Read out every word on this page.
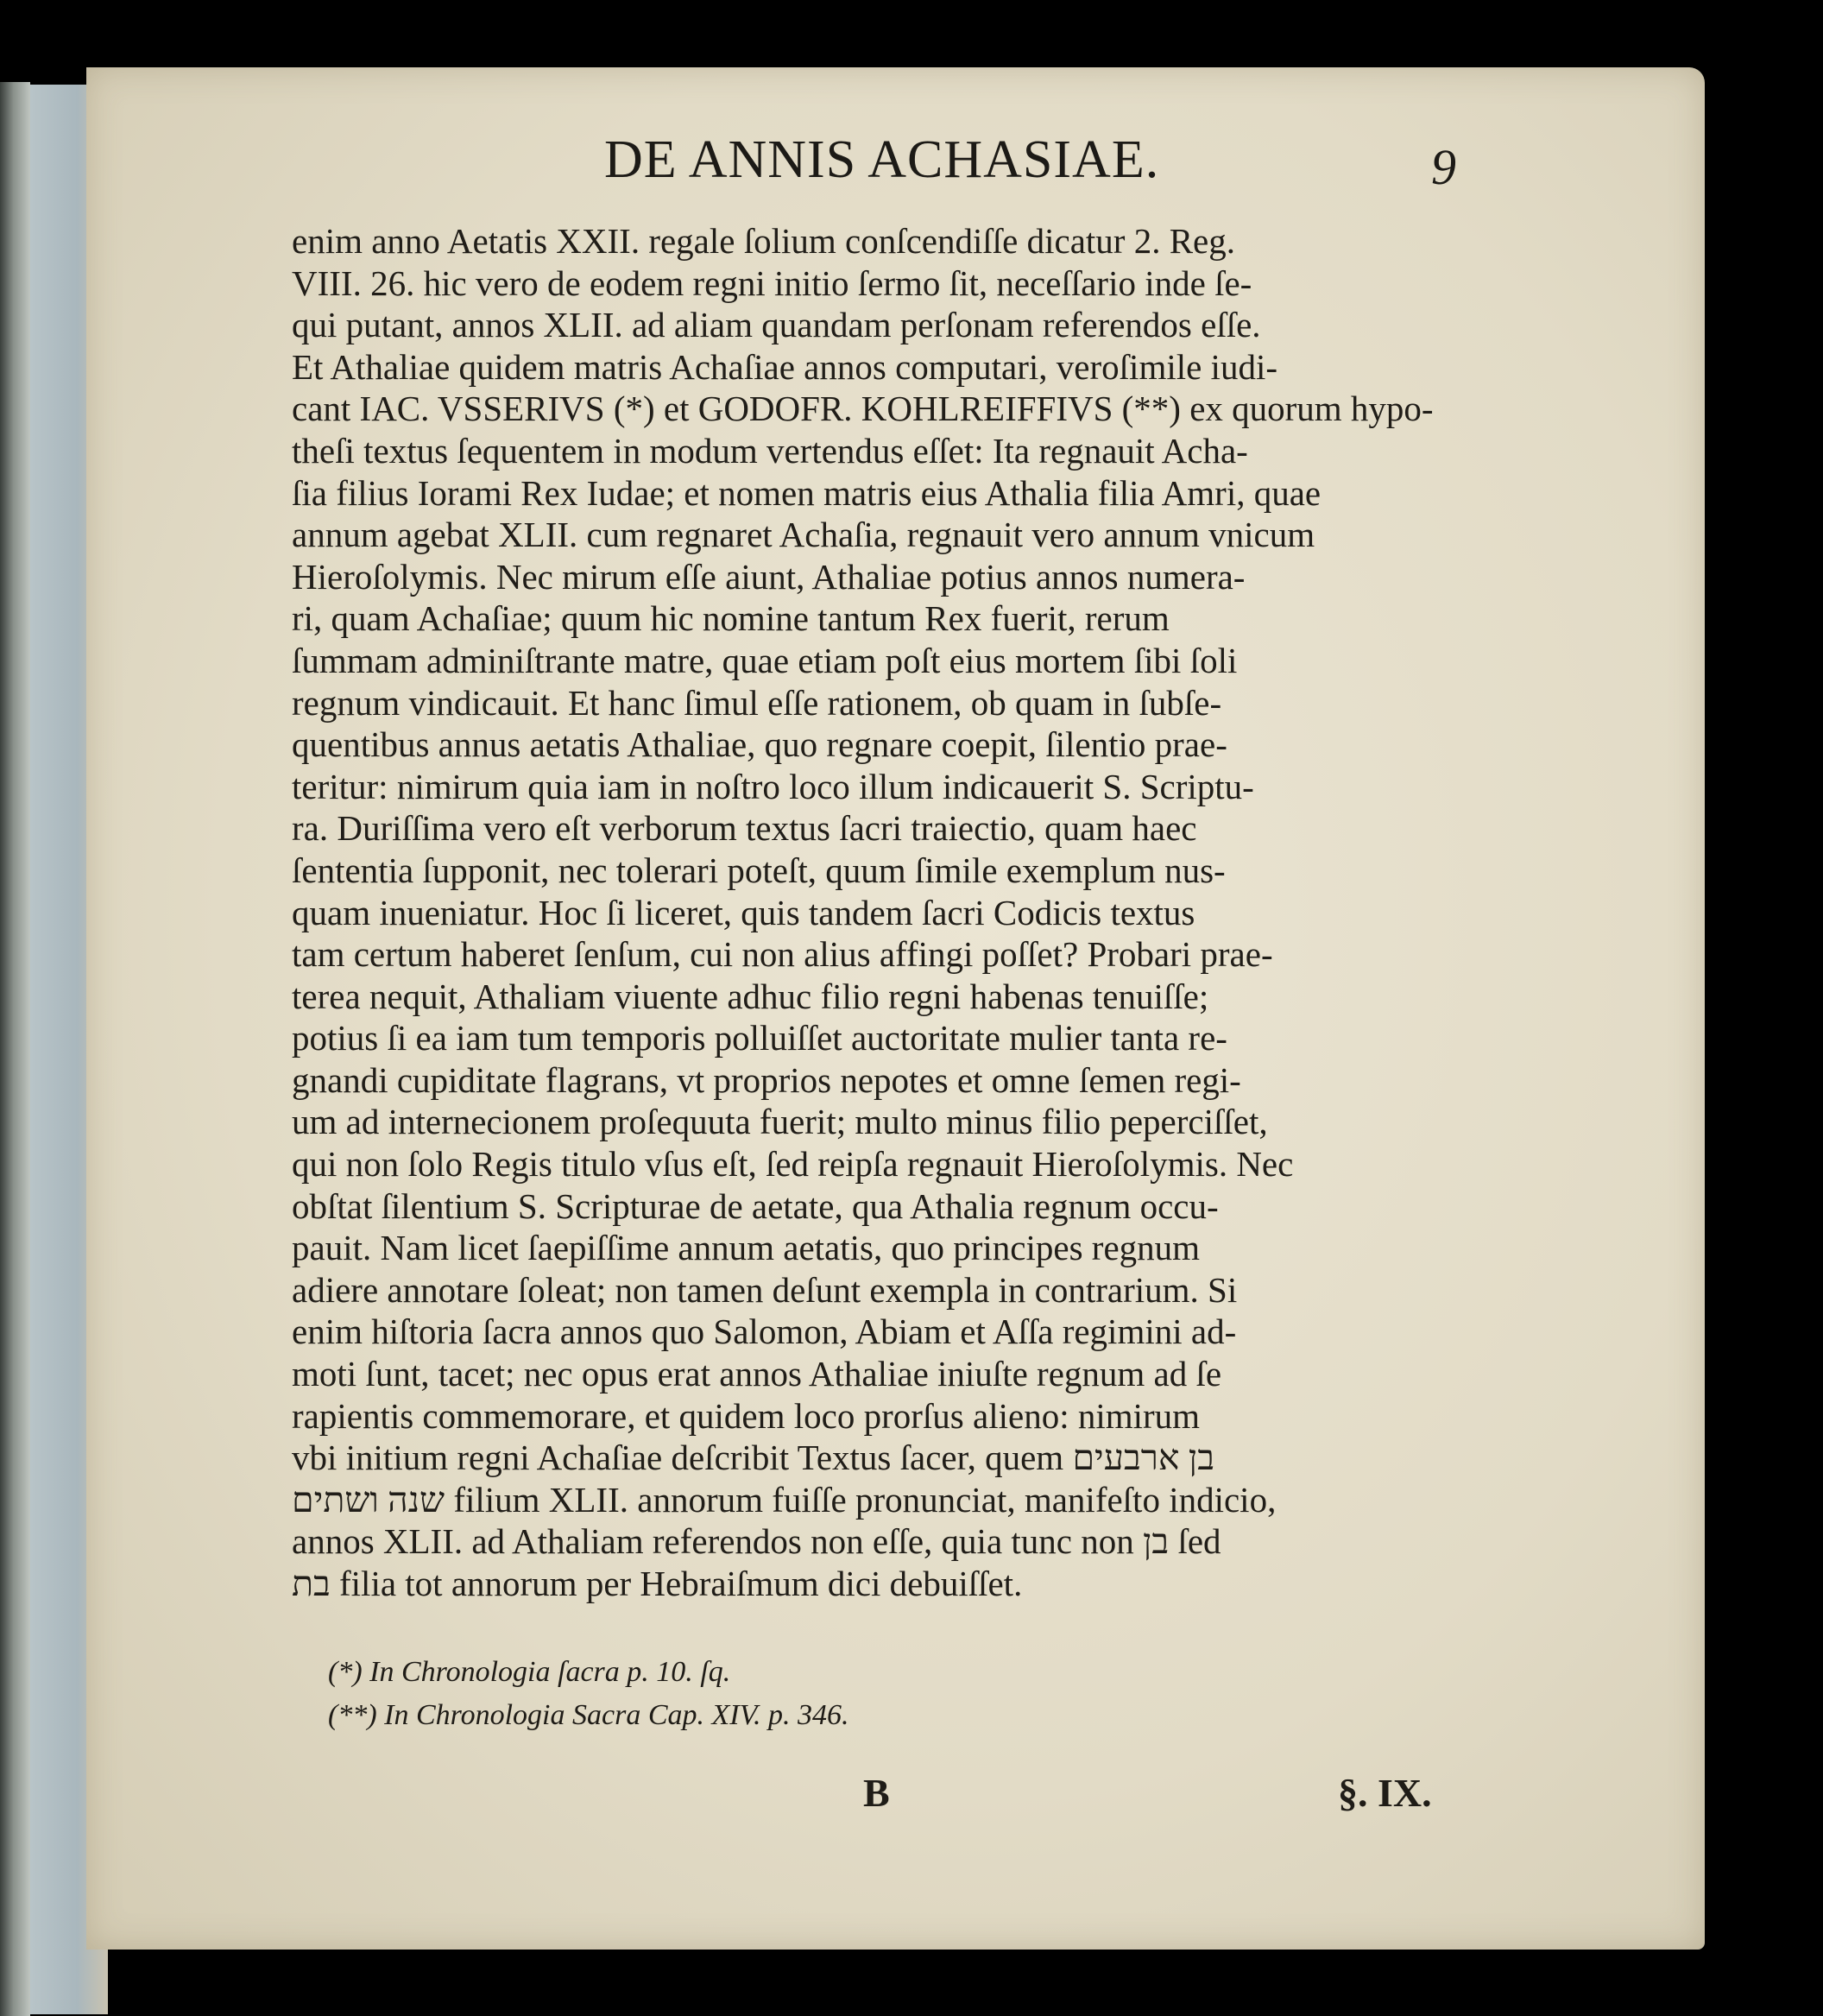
DE ANNIS ACHASIAE.	9
enim anno Aetatis XXII. regale ſolium conſcendiſſe dicatur 2. Reg.
VIII. 26. hic vero de eodem regni initio ſermo ſit, neceſſario inde ſe-
qui putant, annos XLII. ad aliam quandam perſonam referendos eſſe.
Et Athaliae quidem matris Achaſiae annos computari, veroſimile iudi-
cant IAC. VSSERIVS (*) et GODOFR. KOHLREIFFIVS (**) ex quorum hypo-
theſi textus ſequentem in modum vertendus eſſet: Ita regnauit Acha-
ſia filius Iorami Rex Iudae; et nomen matris eius Athalia filia Amri, quae
annum agebat XLII. cum regnaret Achaſia, regnauit vero annum vnicum
Hieroſolymis. Nec mirum eſſe aiunt, Athaliae potius annos numera-
ri, quam Achaſiae; quum hic nomine tantum Rex fuerit, rerum
ſummam adminiſtrante matre, quae etiam poſt eius mortem ſibi ſoli
regnum vindicauit. Et hanc ſimul eſſe rationem, ob quam in ſubſe-
quentibus annus aetatis Athaliae, quo regnare coepit, ſilentio prae-
teritur: nimirum quia iam in noſtro loco illum indicauerit S. Scriptu-
ra. Duriſſima vero eſt verborum textus ſacri traiectio, quam haec
ſententia ſupponit, nec tolerari poteſt, quum ſimile exemplum nus-
quam inueniatur. Hoc ſi liceret, quis tandem ſacri Codicis textus
tam certum haberet ſenſum, cui non alius affingi poſſet? Probari prae-
terea nequit, Athaliam viuente adhuc filio regni habenas tenuiſſe;
potius ſi ea iam tum temporis polluiſſet auctoritate mulier tanta re-
gnandi cupiditate flagrans, vt proprios nepotes et omne ſemen regi-
um ad internecionem proſequuta fuerit; multo minus filio peperciſſet,
qui non ſolo Regis titulo vſus eſt, ſed reipſa regnauit Hieroſolymis. Nec
obſtat ſilentium S. Scripturae de aetate, qua Athalia regnum occu-
pauit. Nam licet ſaepiſſime annum aetatis, quo principes regnum
adiere annotare ſoleat; non tamen deſunt exempla in contrarium. Si
enim hiſtoria ſacra annos quo Salomon, Abiam et Aſſa regimini ad-
moti ſunt, tacet; nec opus erat annos Athaliae iniuſte regnum ad ſe
rapientis commemorare, et quidem loco prorſus alieno: nimirum
vbi initium regni Achaſiae deſcribit Textus ſacer, quem בן ארבעים
שנה ושתים filium XLII. annorum fuiſſe pronunciat, manifeſto indicio,
annos XLII. ad Athaliam referendos non eſſe, quia tunc non בן ſed
בת filia tot annorum per Hebraiſmum dici debuiſſet.
(*) In Chronologia ſacra p. 10. ſq.
(**) In Chronologia Sacra Cap. XIV. p. 346.
B	§. IX.
